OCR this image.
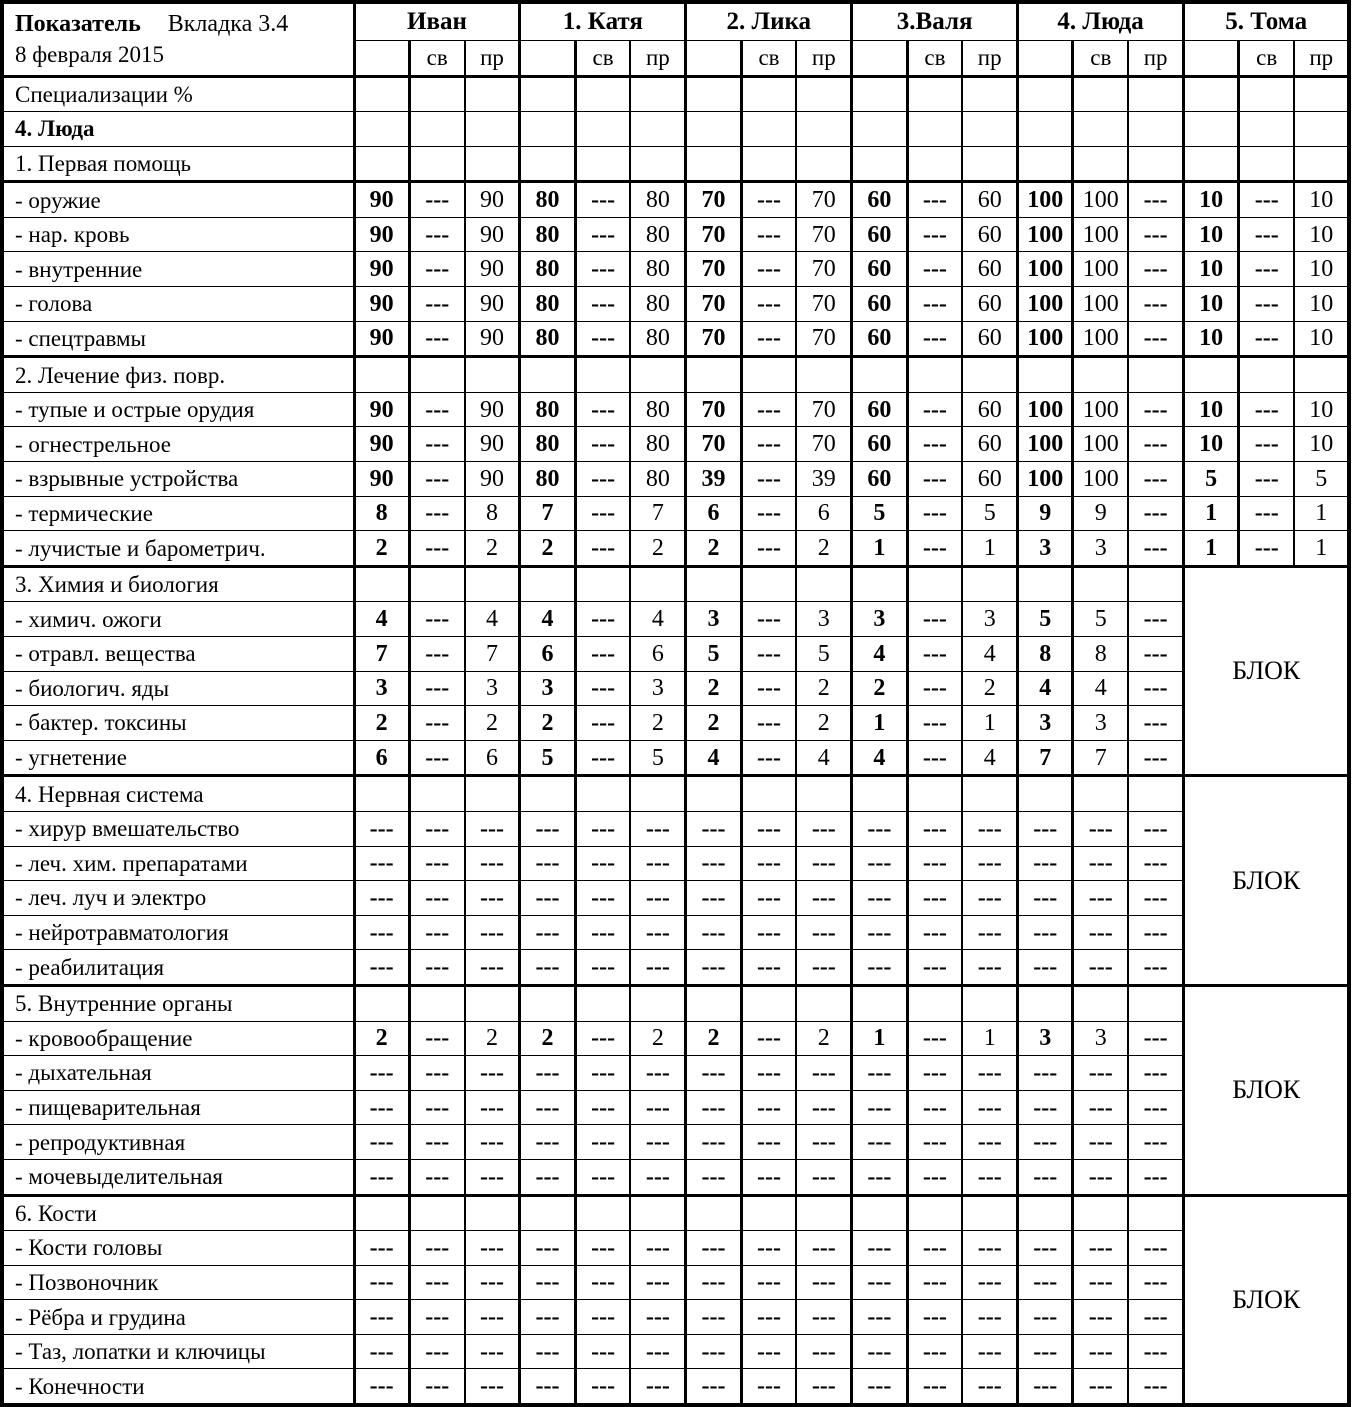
Показатель Вкладка 3.4
8 февраля 2015	Иван			1. Катя			2. Лика			3.Валя			4. Люда			5. Тома		
		св	пр		св	пр		св	пр		св	пр		св	пр		св	пр
Специализации %																		
4. Люда																		
1. Первая помощь																		
- оружие	90	---	90	80	---	80	70	---	70	60	---	60	100	100	---	10	---	10
- нар. кровь	90	---	90	80	---	80	70	---	70	60	---	60	100	100	---	10	---	10
- внутренние	90	---	90	80	---	80	70	---	70	60	---	60	100	100	---	10	---	10
- голова	90	---	90	80	---	80	70	---	70	60	---	60	100	100	---	10	---	10
- спецтравмы	90	---	90	80	---	80	70	---	70	60	---	60	100	100	---	10	---	10
2. Лечение физ. повр.																		
- тупые и острые орудия	90	---	90	80	---	80	70	---	70	60	---	60	100	100	---	10	---	10
- огнестрельное	90	---	90	80	---	80	70	---	70	60	---	60	100	100	---	10	---	10
- взрывные устройства	90	---	90	80	---	80	39	---	39	60	---	60	100	100	---	5	---	5
- термические	8	---	8	7	---	7	6	---	6	5	---	5	9	9	---	1	---	1
- лучистые и барометрич.	2	---	2	2	---	2	2	---	2	1	---	1	3	3	---	1	---	1
3. Химия и биология																БЛОК		
- химич. ожоги	4	---	4	4	---	4	3	---	3	3	---	3	5	5	---			
- отравл. вещества	7	---	7	6	---	6	5	---	5	4	---	4	8	8	---			
- биологич. яды	3	---	3	3	---	3	2	---	2	2	---	2	4	4	---			
- бактер. токсины	2	---	2	2	---	2	2	---	2	1	---	1	3	3	---			
- угнетение	6	---	6	5	---	5	4	---	4	4	---	4	7	7	---			
4. Нервная система																БЛОК		
- хирур вмешательство	---	---	---	---	---	---	---	---	---	---	---	---	---	---	---			
- леч. хим. препаратами	---	---	---	---	---	---	---	---	---	---	---	---	---	---	---			
- леч. луч и электро	---	---	---	---	---	---	---	---	---	---	---	---	---	---	---			
- нейротравматология	---	---	---	---	---	---	---	---	---	---	---	---	---	---	---			
- реабилитация	---	---	---	---	---	---	---	---	---	---	---	---	---	---	---			
5. Внутренние органы																БЛОК		
- кровообращение	2	---	2	2	---	2	2	---	2	1	---	1	3	3	---			
- дыхательная	---	---	---	---	---	---	---	---	---	---	---	---	---	---	---			
- пищеварительная	---	---	---	---	---	---	---	---	---	---	---	---	---	---	---			
- репродуктивная	---	---	---	---	---	---	---	---	---	---	---	---	---	---	---			
- мочевыделительная	---	---	---	---	---	---	---	---	---	---	---	---	---	---	---			
6. Кости																БЛОК		
- Кости головы	---	---	---	---	---	---	---	---	---	---	---	---	---	---	---			
- Позвоночник	---	---	---	---	---	---	---	---	---	---	---	---	---	---	---			
- Рёбра и грудина	---	---	---	---	---	---	---	---	---	---	---	---	---	---	---			
- Таз, лопатки и ключицы	---	---	---	---	---	---	---	---	---	---	---	---	---	---	---			
- Конечности	---	---	---	---	---	---	---	---	---	---	---	---	---	---	---			
